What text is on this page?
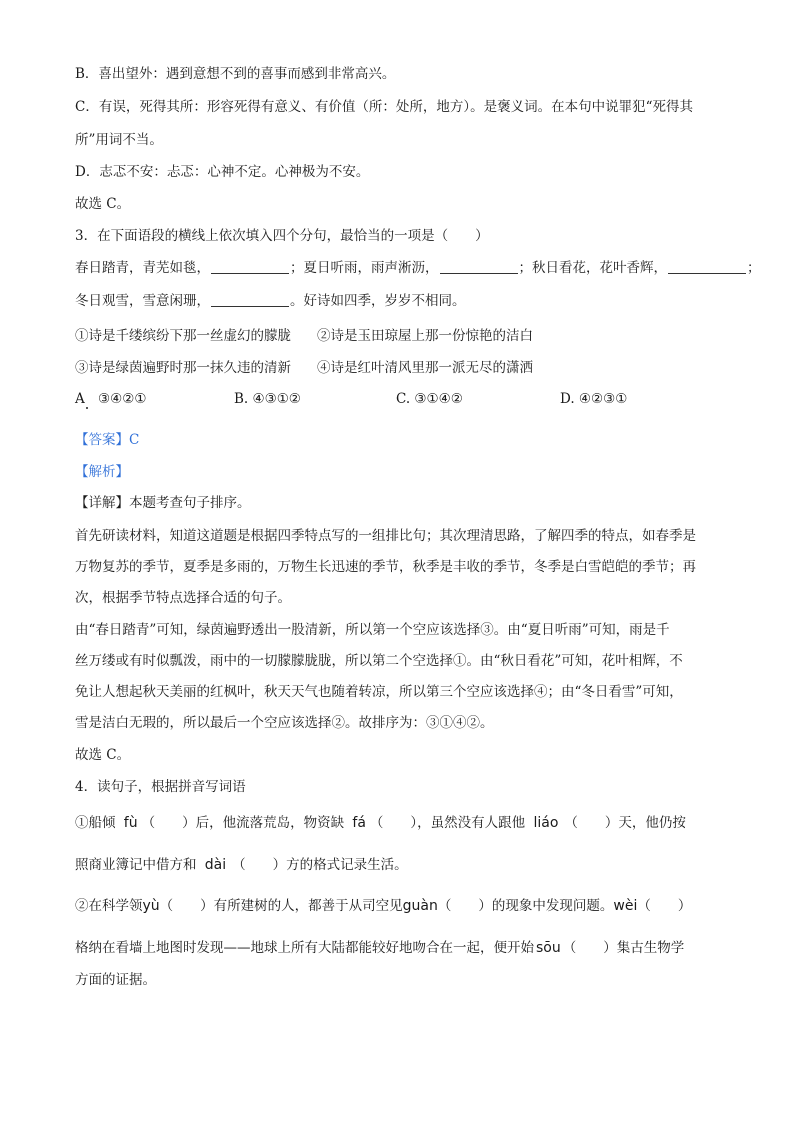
B．喜出望外：遇到意想不到的喜事而感到非常高兴。
C．有误，死得其所：形容死得有意义、有价值（所：处所，地方）。是褒义词。在本句中说罪犯“死得其
所”用词不当。
D．志忑不安：忐忑：心神不定。心神极为不安。
故选 C。
3．在下面语段的横线上依次填入四个分句，最恰当的一项是（　　）
春日踏青，青芜如毯，	；夏日听雨，雨声淅沥，	；秋日看花，花叶香辉，	；
冬日观雪，雪意闲珊，	。好诗如四季，岁岁不相同。
①诗是千缕缤纷下那一丝虚幻的朦胧 ②诗是玉田琼屋上那一份惊艳的洁白
③诗是绿茵遍野时那一抹久违的清新 ④诗是红叶清风里那一派无尽的潇洒
A ③④②①	B. ④③①②	C. ③①④②	D. ④②③①
【答案】C
【解析】
【详解】本题考查句子排序。
首先研读材料，知道这道题是根据四季特点写的一组排比句；其次理清思路，了解四季的特点，如春季是
万物复苏的季节，夏季是多雨的，万物生长迅速的季节，秋季是丰收的季节，冬季是白雪皑皑的季节；再
次，根据季节特点选择合适的句子。
由“春日踏青”可知，绿茵遍野透出一股清新，所以第一个空应该选择③。由“夏日听雨”可知，雨是千
丝万缕或有时似瓢泼，雨中的一切朦朦胧胧，所以第二个空选择①。由“秋日看花”可知，花叶相辉，不
免让人想起秋天美丽的红枫叶，秋天天气也随着转凉，所以第三个空应该选择④；由“冬日看雪”可知，
雪是洁白无瑕的，所以最后一个空应该选择②。故排序为：③①④②。
故选 C。
4．读句子，根据拼音写词语
①船倾 fù （　　）后，他流落荒岛，物资缺 fá （　　），虽然没有人跟他 liáo （　　）天，他仍按
照商业簿记中借方和 dài （　　）方的格式记录生活。
②在科学领yù（　　）有所建树的人，都善于从司空见guàn（　　）的现象中发现问题。wèi（　　）
格纳在看墙上地图时发现——地球上所有大陆都能较好地吻合在一起，便开始 sōu （　　）集古生物学
方面的证据。
